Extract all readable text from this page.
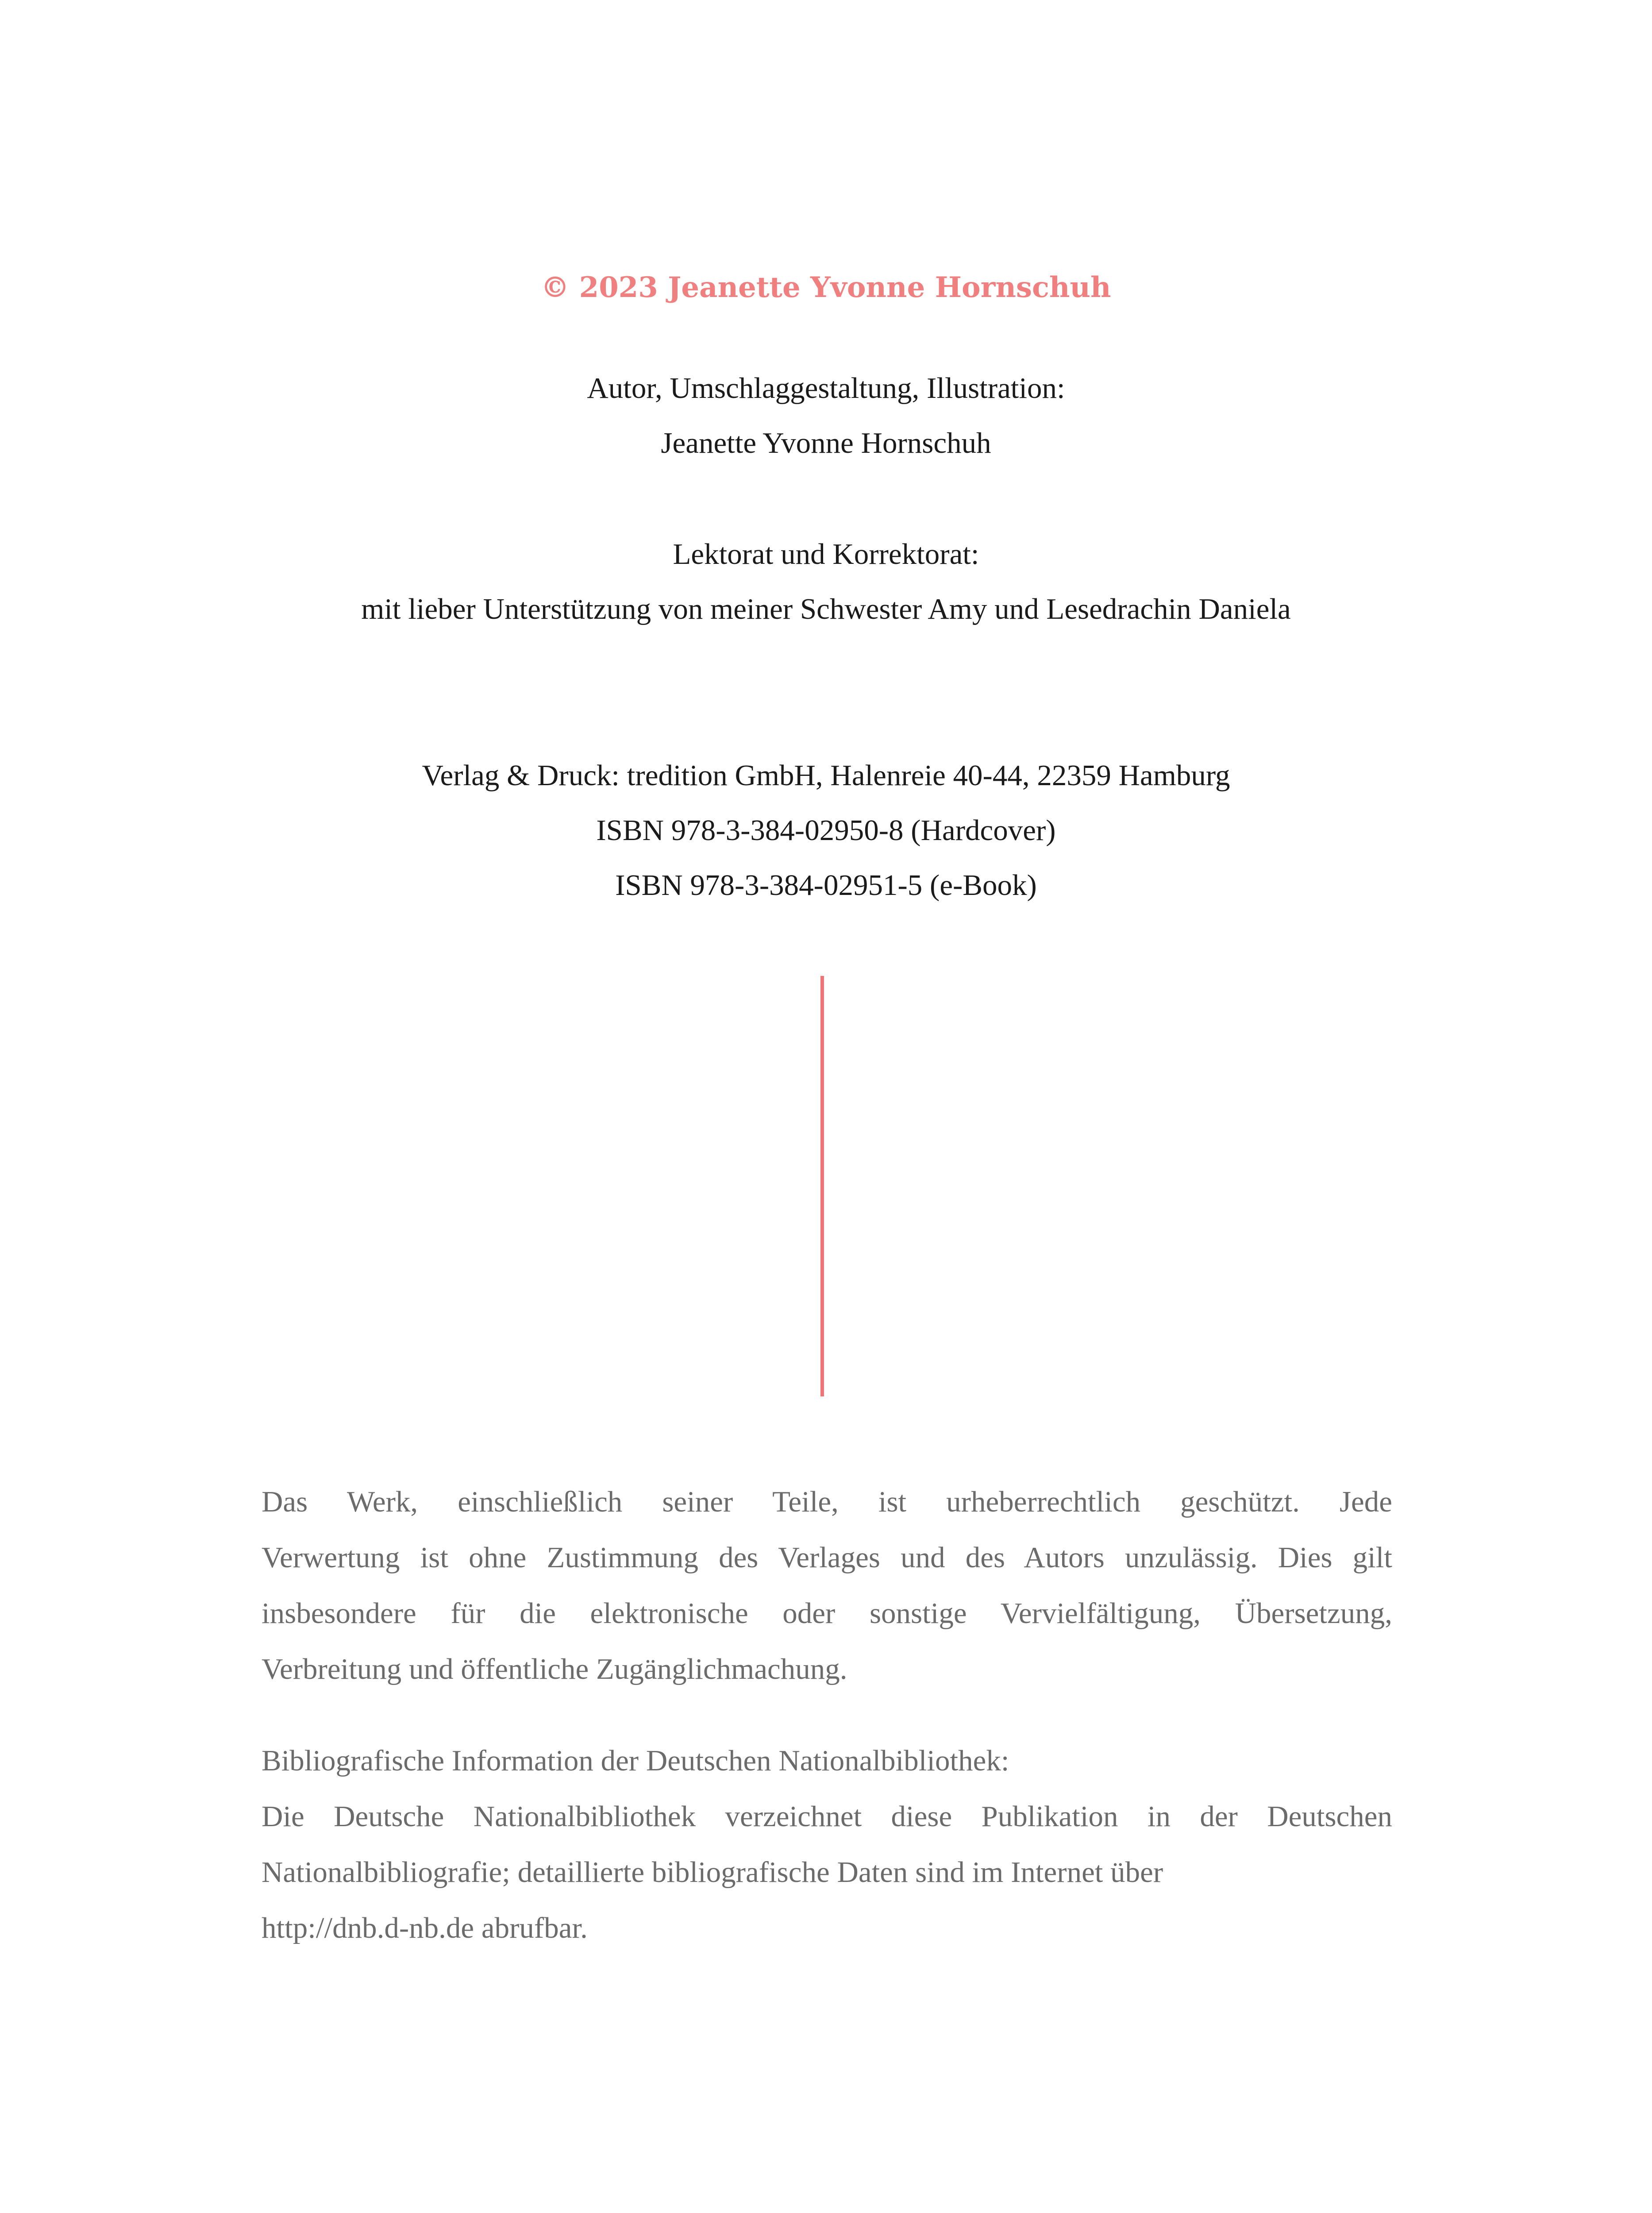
© 2023 Jeanette Yvonne Hornschuh
Autor, Umschlaggestaltung, Illustration:
Jeanette Yvonne Hornschuh
Lektorat und Korrektorat:
mit lieber Unterstützung von meiner Schwester Amy und Lesedrachin Daniela
Verlag & Druck: tredition GmbH, Halenreie 40-44, 22359 Hamburg
ISBN 978-3-384-02950-8 (Hardcover)
ISBN 978-3-384-02951-5 (e-Book)
Das Werk, einschließlich seiner Teile, ist urheberrechtlich geschützt. Jede
Verwertung ist ohne Zustimmung des Verlages und des Autors unzulässig. Dies gilt
insbesondere für die elektronische oder sonstige Vervielfältigung, Übersetzung,
Verbreitung und öffentliche Zugänglichmachung.
Bibliografische Information der Deutschen Nationalbibliothek:
Die Deutsche Nationalbibliothek verzeichnet diese Publikation in der Deutschen
Nationalbibliografie; detaillierte bibliografische Daten sind im Internet über
http://dnb.d-nb.de abrufbar.
